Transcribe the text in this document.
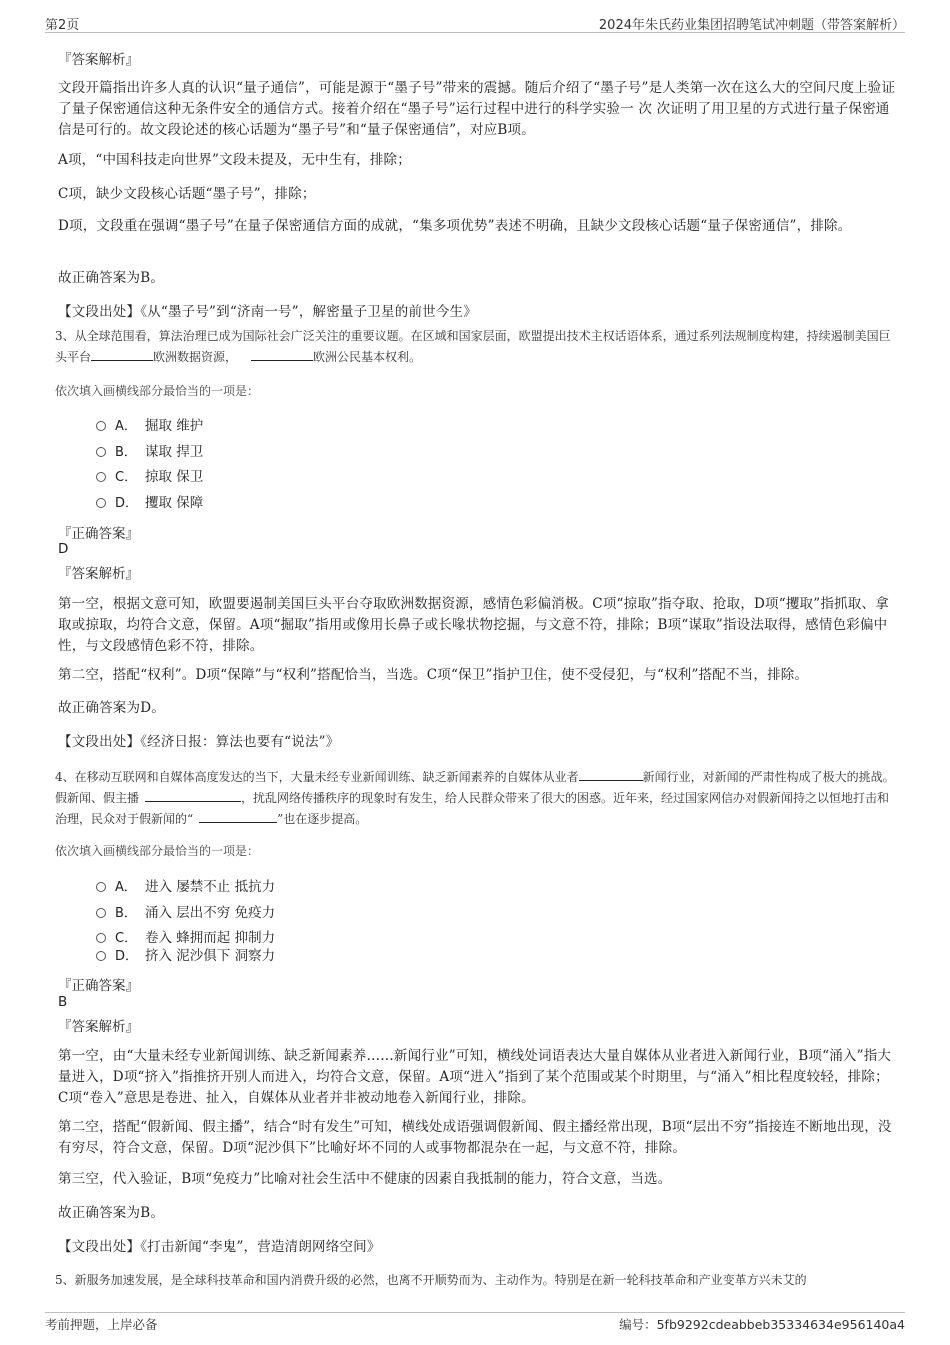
第2页	2024年朱氏药业集团招聘笔试冲刺题（带答案解析）
『答案解析』
文段开篇指出许多人真的认识“量子通信”，可能是源于“墨子号”带来的震撼。随后介绍了“墨子号”是人类第一次在这么大的空间尺度上验证了量子保密通信这种无条件安全的通信方式。接着介绍在“墨子号”运行过程中进行的科学实验一 次 次证明了用卫星的方式进行量子保密通信是可行的。故文段论述的核心话题为“墨子号”和“量子保密通信”，对应B项。
A项，“中国科技走向世界”文段未提及，无中生有，排除；
C项，缺少文段核心话题“墨子号”，排除；
D项，文段重在强调“墨子号”在量子保密通信方面的成就，“集多项优势”表述不明确，且缺少文段核心话题“量子保密通信”，排除。
故正确答案为B。
【文段出处】《从“墨子号”到“济南一号”，解密量子卫星的前世今生》
3、从全球范围看，算法治理已成为国际社会广泛关注的重要议题。在区域和国家层面，欧盟提出技术主权话语体系，通过系列法规制度构建，持续遏制美国巨头平台	欧洲数据资源，	欧洲公民基本权利。
依次填入画横线部分最恰当的一项是：
A． 掘取 维护
B． 谋取 捍卫
C． 掠取 保卫
D． 攫取 保障
『正确答案』
D
『答案解析』
第一空，根据文意可知，欧盟要遏制美国巨头平台夺取欧洲数据资源，感情色彩偏消极。C项“掠取”指夺取、抢取，D项“攫取”指抓取、拿取或掠取，均符合文意，保留。A项“掘取”指用或像用长鼻子或长喙状物挖掘，与文意不符，排除；B项“谋取”指设法取得，感情色彩偏中性，与文段感情色彩不符，排除。
第二空，搭配“权利”。D项“保障”与“权利”搭配恰当，当选。C项“保卫”指护卫住，使不受侵犯，与“权利”搭配不当，排除。
故正确答案为D。
【文段出处】《经济日报：算法也要有“说法”》
4、在移动互联网和自媒体高度发达的当下，大量未经专业新闻训练、缺乏新闻素养的自媒体从业者	新闻行业，对新闻的严肃性构成了极大的挑战。假新闻、假主播	，扰乱网络传播秩序的现象时有发生，给人民群众带来了很大的困惑。近年来，经过国家网信办对假新闻持之以恒地打击和治理，民众对于假新闻的“	”也在逐步提高。
依次填入画横线部分最恰当的一项是：
A． 进入 屡禁不止 抵抗力
B． 涌入 层出不穷 免疫力
C． 卷入 蜂拥而起 抑制力
D． 挤入 泥沙俱下 洞察力
『正确答案』
B
『答案解析』
第一空，由“大量未经专业新闻训练、缺乏新闻素养……新闻行业”可知，横线处词语表达大量自媒体从业者进入新闻行业，B项“涌入”指大量进入，D项“挤入”指推挤开别人而进入，均符合文意，保留。A项“进入”指到了某个范围或某个时期里，与“涌入”相比程度较轻，排除；C项“卷入”意思是卷进、扯入，自媒体从业者并非被动地卷入新闻行业，排除。
第二空，搭配“假新闻、假主播”，结合“时有发生”可知，横线处成语强调假新闻、假主播经常出现，B项“层出不穷”指接连不断地出现，没有穷尽，符合文意，保留。D项“泥沙俱下”比喻好坏不同的人或事物都混杂在一起，与文意不符，排除。
第三空，代入验证，B项“免疫力”比喻对社会生活中不健康的因素自我抵制的能力，符合文意，当选。
故正确答案为B。
【文段出处】《打击新闻“李鬼”，营造清朗网络空间》
5、新服务加速发展，是全球科技革命和国内消费升级的必然，也离不开顺势而为、主动作为。特别是在新一轮科技革命和产业变革方兴未艾的
考前押题，上岸必备	编号：5fb9292cdeabbeb35334634e956140a4
